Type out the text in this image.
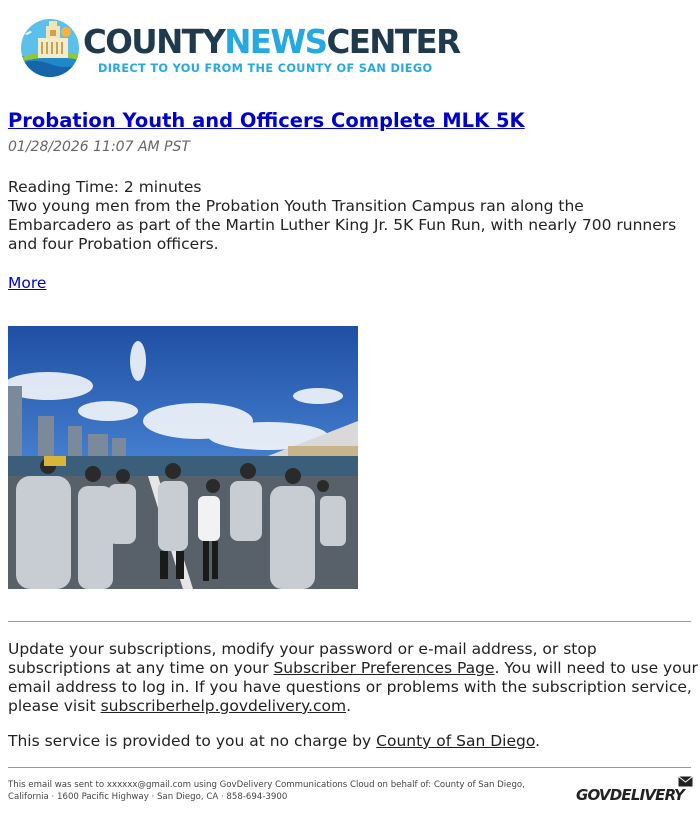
COUNTYNEWSCENTER
DIRECT TO YOU FROM THE COUNTY OF SAN DIEGO
Probation Youth and Officers Complete MLK 5K
01/28/2026 11:07 AM PST
Reading Time: 2 minutes
Two young men from the Probation Youth Transition Campus ran along the Embarcadero as part of the Martin Luther King Jr. 5K Fun Run, with nearly 700 runners and four Probation officers.
More
Update your subscriptions, modify your password or e-mail address, or stop subscriptions at any time on your Subscriber Preferences Page. You will need to use your email address to log in. If you have questions or problems with the subscription service, please visit subscriberhelp.govdelivery.com.
This service is provided to you at no charge by County of San Diego.
This email was sent to xxxxxx@gmail.com using GovDelivery Communications Cloud on behalf of: County of San Diego, California · 1600 Pacific Highway · San Diego, CA · 858-694-3900	GOVDELIVERY
